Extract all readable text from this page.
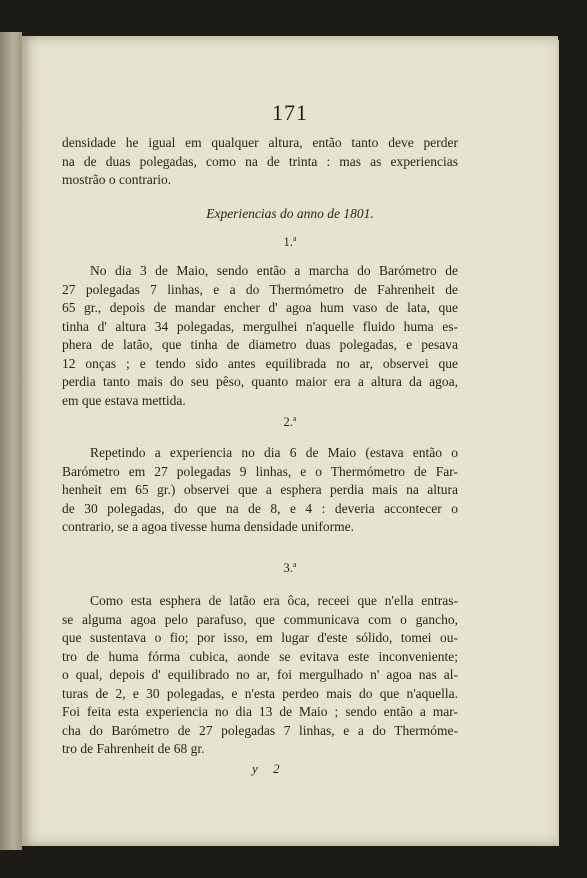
171
densidade he igual em qualquer altura, então tanto deve perder
na de duas polegadas, como na de trinta : mas as experiencias
mostrão o contrario.
Experiencias do anno de 1801.
1.$^a$
No dia 3 de Maio, sendo então a marcha do Barómetro de
27 polegadas 7 linhas, e a do Thermómetro de Fahrenheit de
65 gr., depois de mandar encher d' agoa hum vaso de lata, que
tinha d' altura 34 polegadas, mergulhei n'aquelle fluido huma es-
phera de latão, que tinha de diametro duas polegadas, e pesava
12 onças ; e tendo sido antes equilibrada no ar, observei que
perdia tanto mais do seu pêso, quanto maior era a altura da agoa,
em que estava mettida.
2.$^a$
Repetindo a experiencia no dia 6 de Maio (estava então o
Barómetro em 27 polegadas 9 linhas, e o Thermómetro de Far-
henheit em 65 gr.) observei que a esphera perdia mais na altura
de 30 polegadas, do que na de 8, e 4 : deveria accontecer o
contrario, se a agoa tivesse huma densidade uniforme.
3.$^a$
Como esta esphera de latão era ôca, receei que n'ella entras-
se alguma agoa pelo parafuso, que communicava com o gancho,
que sustentava o fio; por isso, em lugar d'este sólido, tomei ou-
tro de huma fórma cubica, aonde se evitava este inconveniente;
o qual, depois d' equilibrado no ar, foi mergulhado n' agoa nas al-
turas de 2, e 30 polegadas, e n'esta perdeo mais do que n'aquella.
Foi feita esta experiencia no dia 13 de Maio ; sendo então a mar-
cha do Barómetro de 27 polegadas 7 linhas, e a do Thermóme-
tro de Fahrenheit de 68 gr.
y 2
